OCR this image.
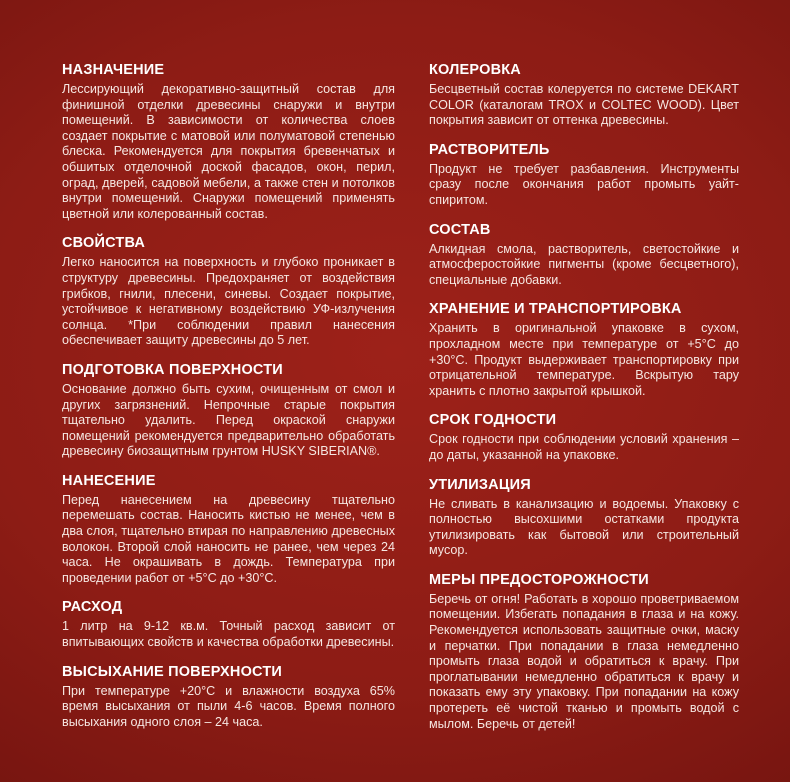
НАЗНАЧЕНИЕ

Лессирующий декоративно-защитный состав для финишной отделки древесины снаружи и внутри помещений. В зависимости от количества слоев создает покрытие с матовой или полуматовой степенью блеска. Рекомендуется для покрытия бревенчатых и обшитых отделочной доской фасадов, окон, перил, оград, дверей, садовой мебели, а также стен и потолков внутри помещений. Снаружи помещений применять цветной или колерованный состав.

СВОЙСТВА

Легко наносится на поверхность и глубоко проникает в структуру древесины. Предохраняет от воздействия грибков, гнили, плесени, синевы. Создает покрытие, устойчивое к негативному воздействию УФ-излучения солнца. *При соблюдении правил нанесения обеспечивает защиту древесины до 5 лет.

ПОДГОТОВКА ПОВЕРХНОСТИ

Основание должно быть сухим, очищенным от смол и других загрязнений. Непрочные старые покрытия тщательно удалить. Перед окраской снаружи помещений рекомендуется предварительно обработать древесину биозащитным грунтом HUSKY SIBERIAN®.

НАНЕСЕНИЕ

Перед нанесением на древесину тщательно перемешать состав. Наносить кистью не менее, чем в два слоя, тщательно втирая по направлению древесных волокон. Второй слой наносить не ранее, чем через 24 часа. Не окрашивать в дождь. Температура при проведении работ от +5°C до +30°C.

РАСХОД

1 литр на 9-12 кв.м. Точный расход зависит от впитывающих свойств и качества обработки древесины.

ВЫСЫХАНИЕ ПОВЕРХНОСТИ

При температуре +20°C и влажности воздуха 65% время высыхания от пыли 4-6 часов. Время полного высыхания одного слоя – 24 часа.

КОЛЕРОВКА

Бесцветный состав колеруется по системе DEKART COLOR (каталогам TROX и COLTEC WOOD). Цвет покрытия зависит от оттенка древесины.

РАСТВОРИТЕЛЬ

Продукт не требует разбавления. Инструменты сразу после окончания работ промыть уайт-спиритом.

СОСТАВ

Алкидная смола, растворитель, светостойкие и атмосферостойкие пигменты (кроме бесцветного), специальные добавки.

ХРАНЕНИЕ И ТРАНСПОРТИРОВКА

Хранить в оригинальной упаковке в сухом, прохладном месте при температуре от +5°C до +30°C. Продукт выдерживает транспортировку при отрицательной температуре. Вскрытую тару хранить с плотно закрытой крышкой.

СРОК ГОДНОСТИ

Срок годности при соблюдении условий хранения – до даты, указанной на упаковке.

УТИЛИЗАЦИЯ

Не сливать в канализацию и водоемы. Упаковку с полностью высохшими остатками продукта утилизировать как бытовой или строительный мусор.

МЕРЫ ПРЕДОСТОРОЖНОСТИ

Беречь от огня! Работать в хорошо проветриваемом помещении. Избегать попадания в глаза и на кожу. Рекомендуется использовать защитные очки, маску и перчатки. При попадании в глаза немедленно промыть глаза водой и обратиться к врачу. При проглатывании немедленно обратиться к врачу и показать ему эту упаковку. При попадании на кожу протереть её чистой тканью и промыть водой с мылом. Беречь от детей!
